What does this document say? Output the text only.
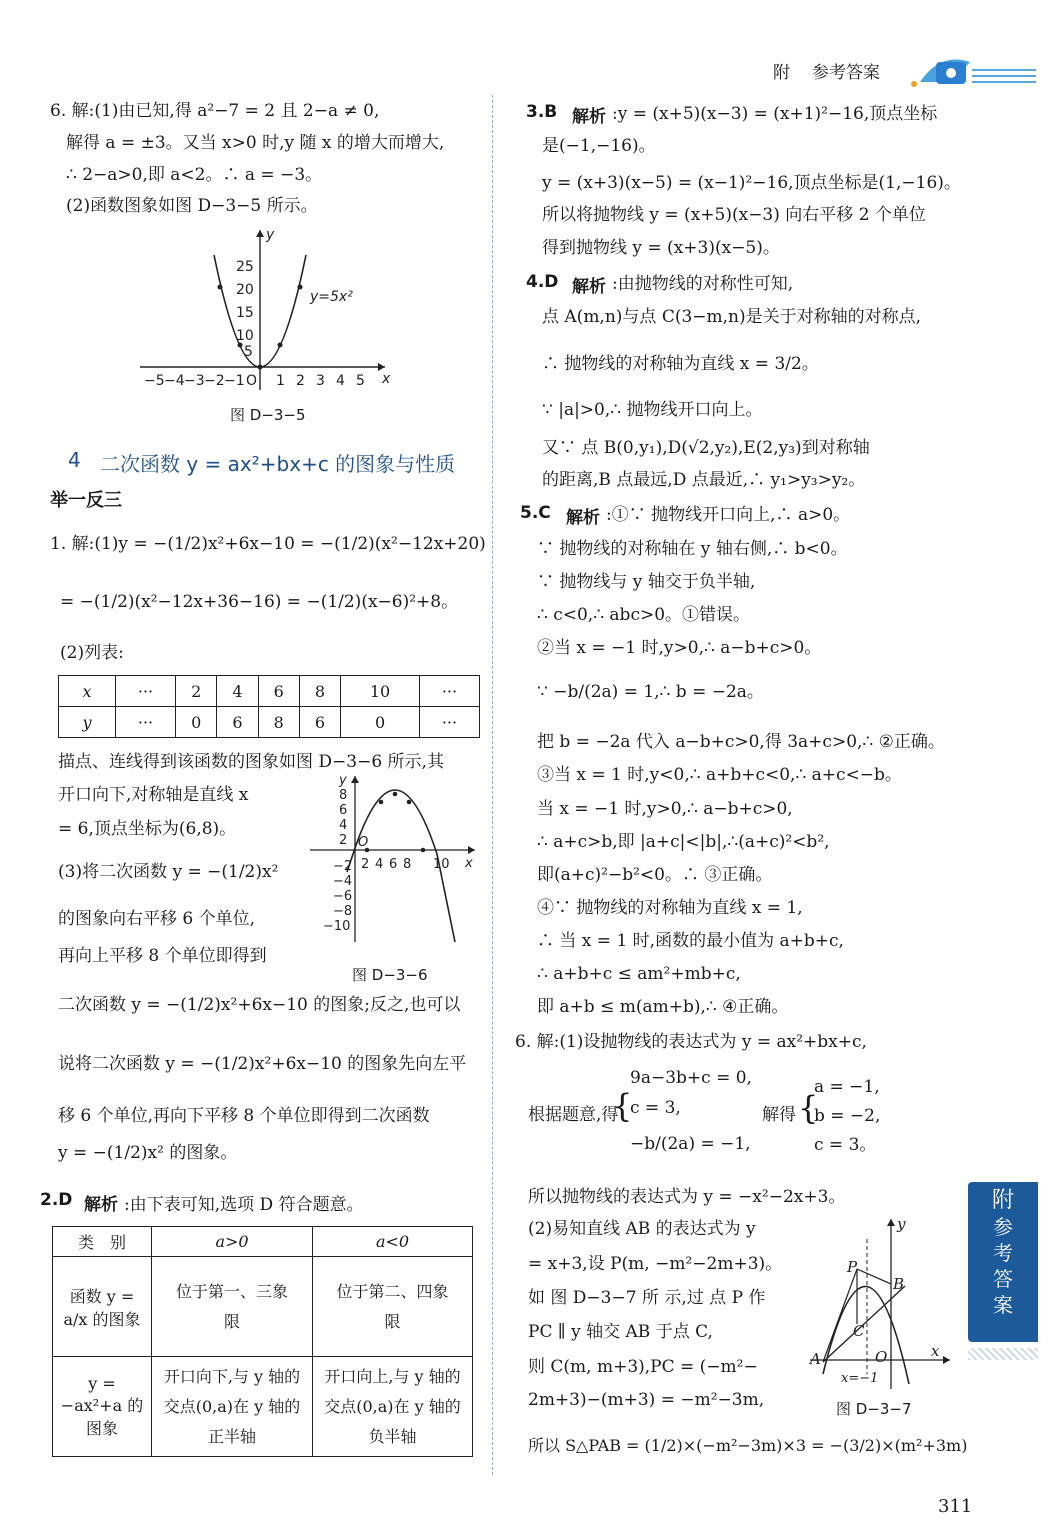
附 参考答案
6. 解:(1)由已知,得 a²−7 = 2 且 2−a ≠ 0,
解得 a = ±3。又当 x>0 时,y 随 x 的增大而增大,
∴ 2−a>0,即 a<2。∴ a = −3。
(2)函数图象如图 D−3−5 所示。
25
20
15
10
5
y
x
y=5x²
−5 −4 −3 −2 −1 O 1 2 3 4 5
图 D−3−5
4 二次函数 y = ax²+bx+c 的图象与性质
举一反三
1. 解:(1)y = −(1/2)x²+6x−10 = −(1/2)(x²−12x+20)
= −(1/2)(x²−12x+36−16) = −(1/2)(x−6)²+8。
(2)列表:
x	···	2	4	6	8	10	···
y	···	0	6	8	6	0	···
描点、连线得到该函数的图象如图 D−3−6 所示,其
开口向下,对称轴是直线 x
= 6,顶点坐标为(6,8)。
(3)将二次函数 y = −(1/2)x²
的图象向右平移 6 个单位,
再向上平移 8 个单位即得到
二次函数 y = −(1/2)x²+6x−10 的图象;反之,也可以
说将二次函数 y = −(1/2)x²+6x−10 的图象先向左平
移 6 个单位,再向下平移 8 个单位即得到二次函数
y = −(1/2)x² 的图象。
y
8
6
4
2 O
−2
−4
−6
−8
−10
2 4 6 8 10 x
图 D−3−6
2.D 解析 :由下表可知,选项 D 符合题意。
类　别	a>0	a<0
函数 y = a/x 的图象	位于第一、三象限	位于第二、四象限
y = −ax²+a 的图象	开口向下,与 y 轴的交点(0,a)在 y 轴的正半轴	开口向上,与 y 轴的交点(0,a)在 y 轴的负半轴
3.B 解析 :y = (x+5)(x−3) = (x+1)²−16,顶点坐标
是(−1,−16)。
y = (x+3)(x−5) = (x−1)²−16,顶点坐标是(1,−16)。
所以将抛物线 y = (x+5)(x−3) 向右平移 2 个单位
得到抛物线 y = (x+3)(x−5)。
4.D 解析 :由抛物线的对称性可知,
点 A(m,n)与点 C(3−m,n)是关于对称轴的对称点,
∴ 抛物线的对称轴为直线 x = 3/2。
∵ |a|>0,∴ 抛物线开口向上。
又∵ 点 B(0,y₁),D(√2,y₂),E(2,y₃)到对称轴
的距离,B 点最远,D 点最近,∴ y₁>y₃>y₂。
5.C 解析 :①∵ 抛物线开口向上,∴ a>0。
∵ 抛物线的对称轴在 y 轴右侧,∴ b<0。
∵ 抛物线与 y 轴交于负半轴,
∴ c<0,∴ abc>0。①错误。
②当 x = −1 时,y>0,∴ a−b+c>0。
∵ −b/(2a) = 1,∴ b = −2a。
把 b = −2a 代入 a−b+c>0,得 3a+c>0,∴ ②正确。
③当 x = 1 时,y<0,∴ a+b+c<0,∴ a+c<−b。
当 x = −1 时,y>0,∴ a−b+c>0,
∴ a+c>b,即 |a+c|<|b|,∴(a+c)²<b²,
即(a+c)²−b²<0。∴ ③正确。
④∵ 抛物线的对称轴为直线 x = 1,
∴ 当 x = 1 时,函数的最小值为 a+b+c,
∴ a+b+c ≤ am²+mb+c,
即 a+b ≤ m(am+b),∴ ④正确。
6. 解:(1)设抛物线的表达式为 y = ax²+bx+c,
根据题意,得
{
9a−3b+c = 0,
c = 3,
−b/(2a) = −1,
解得 {
a = −1,
b = −2,
c = 3。
所以抛物线的表达式为 y = −x²−2x+3。
(2)易知直线 AB 的表达式为 y
= x+3,设 P(m, −m²−2m+3)。
如 图 D−3−7 所 示,过 点 P 作
PC ∥ y 轴交 AB 于点 C,
则 C(m, m+3),PC = (−m²−
2m+3)−(m+3) = −m²−3m,
所以 S△PAB = (1/2)×(−m²−3m)×3 = −(3/2)×(m²+3m)
P
B
C
A	O	x
y
x=−1
图 D−3−7
附
参
考
答
案
311
